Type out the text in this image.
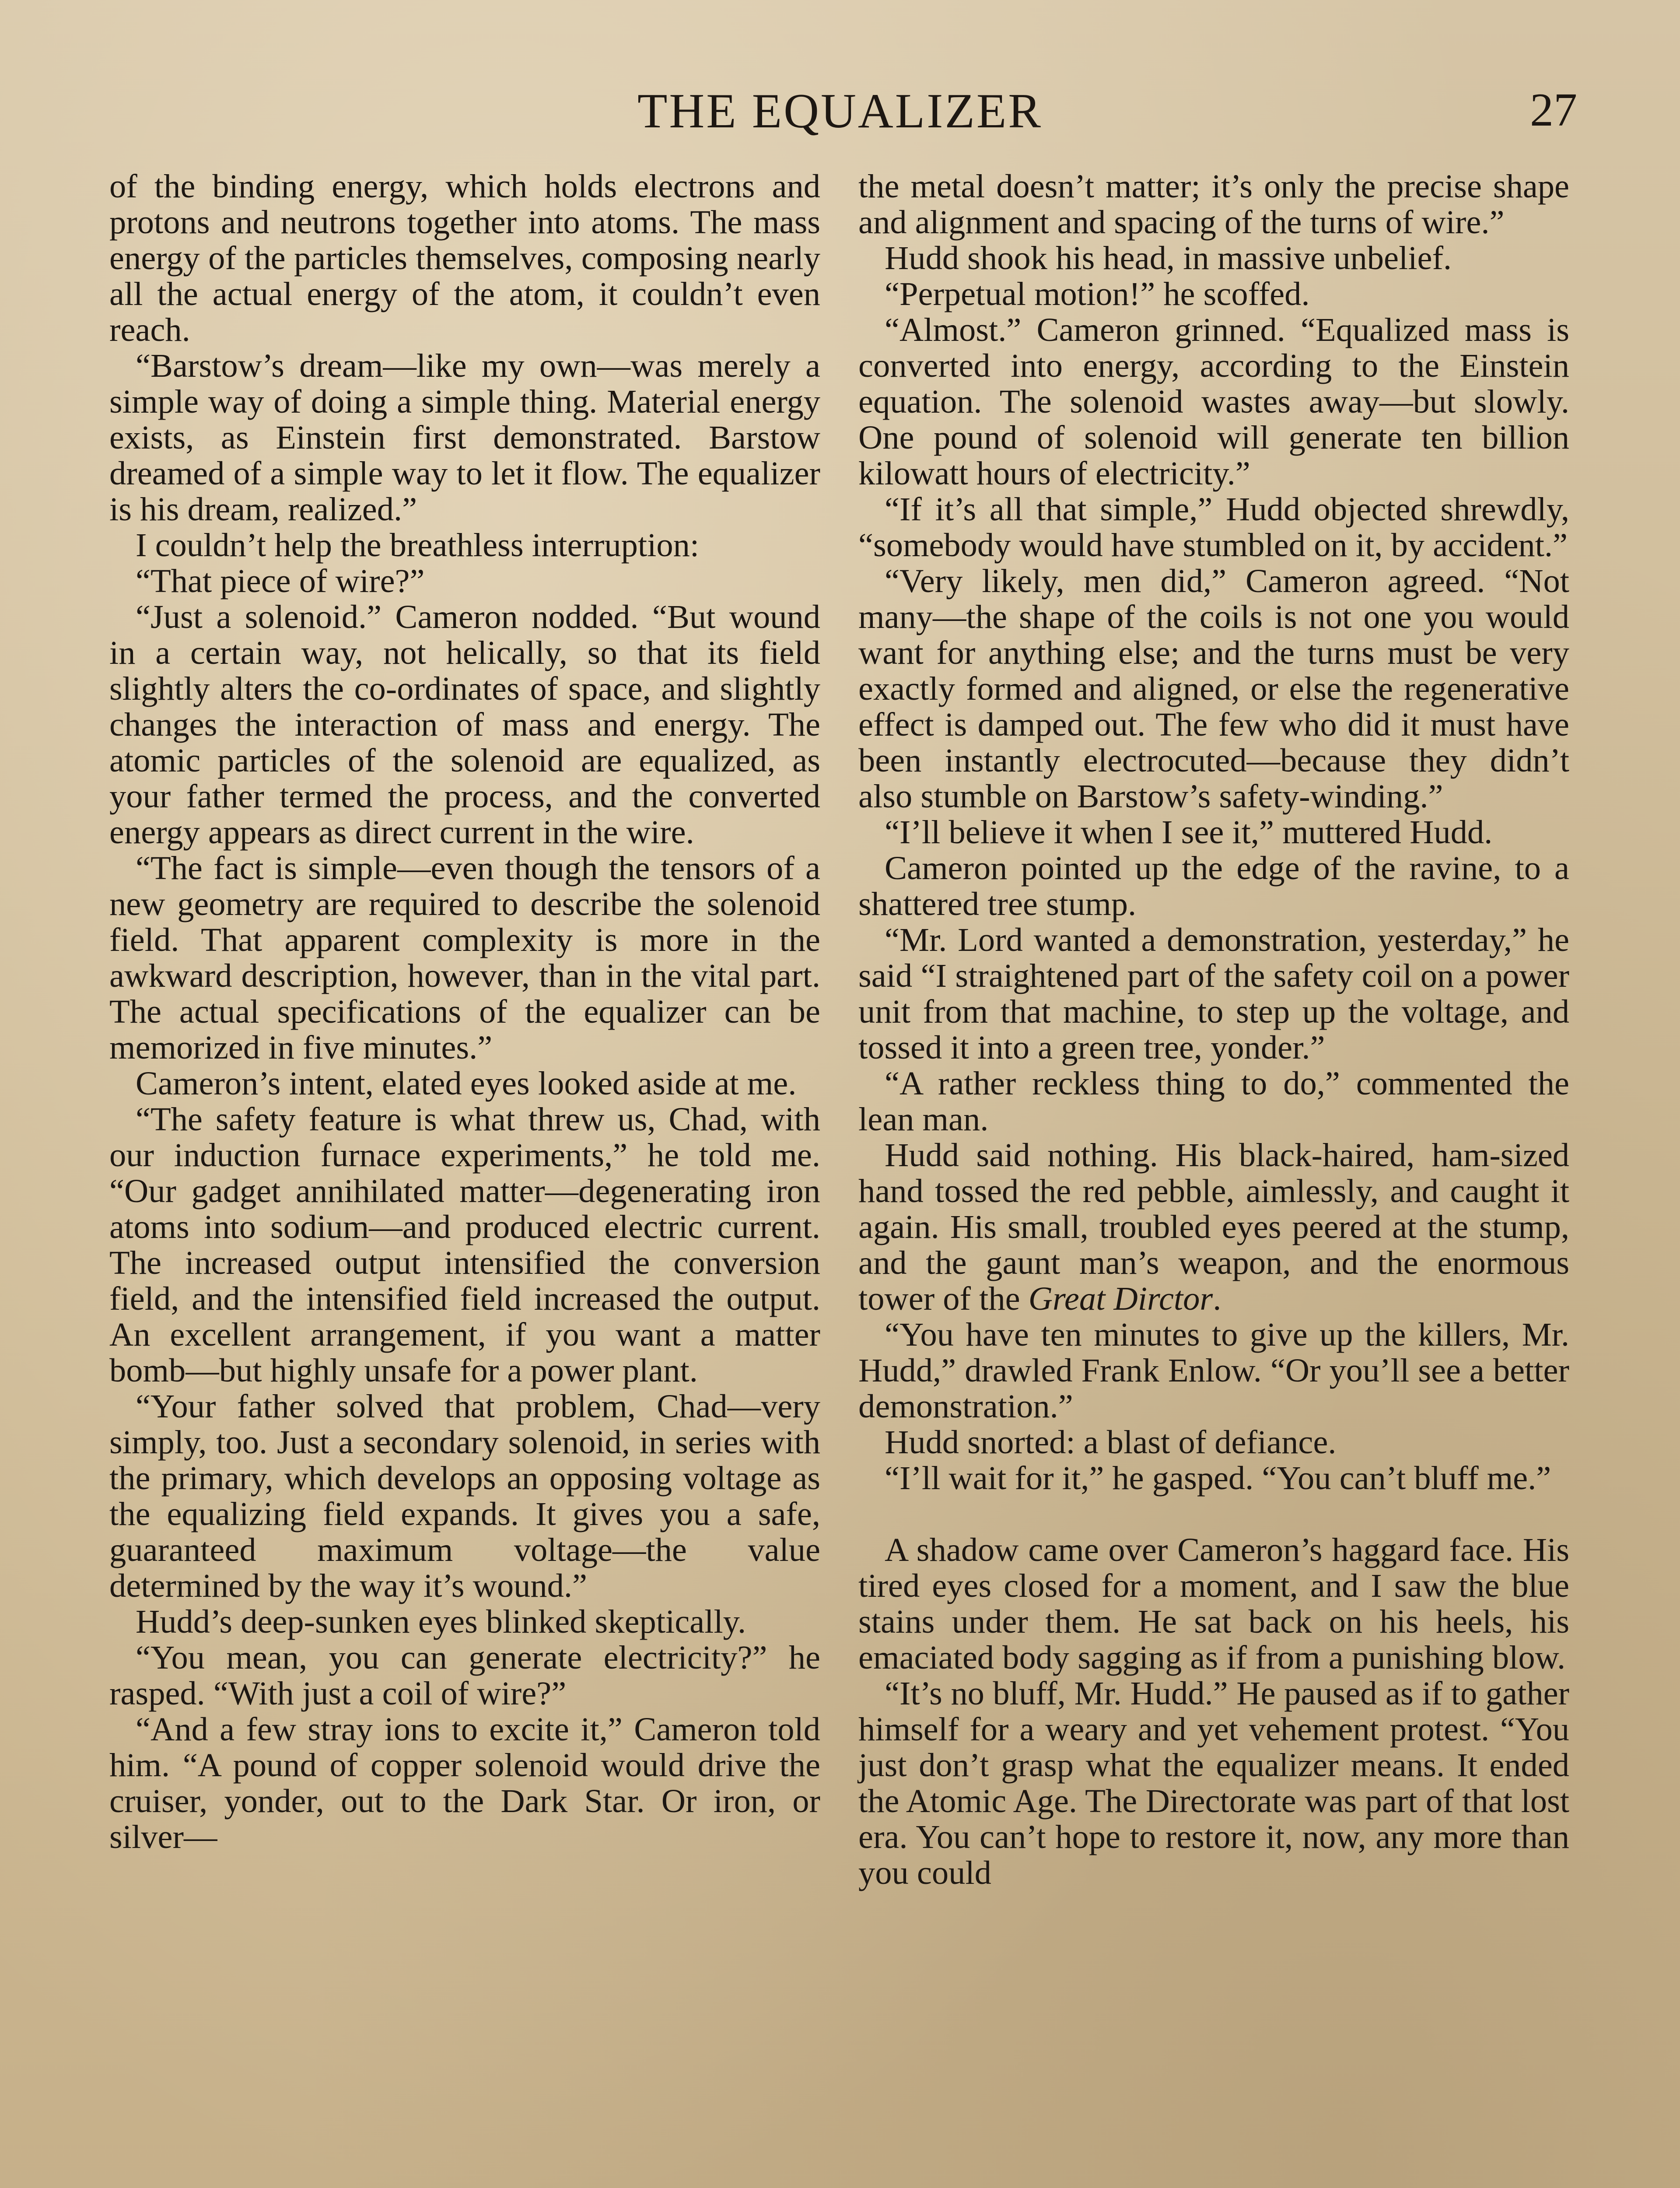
THE EQUALIZER	27

of the binding energy, which holds electrons and protons and neutrons together into atoms. The mass energy of the particles themselves, composing nearly all the actual energy of the atom, it couldn’t even reach.

“Barstow’s dream—like my own—was merely a simple way of doing a simple thing. Material energy exists, as Einstein first demonstrated. Barstow dreamed of a simple way to let it flow. The equalizer is his dream, realized.”

I couldn’t help the breathless interruption:

“That piece of wire?”

“Just a solenoid.” Cameron nodded. “But wound in a certain way, not helically, so that its field slightly alters the co-ordinates of space, and slightly changes the interaction of mass and energy. The atomic particles of the solenoid are equalized, as your father termed the process, and the converted energy appears as direct current in the wire.

“The fact is simple—even though the tensors of a new geometry are required to describe the solenoid field. That apparent complexity is more in the awkward description, however, than in the vital part. The actual specifications of the equalizer can be memorized in five minutes.”

Cameron’s intent, elated eyes looked aside at me.

“The safety feature is what threw us, Chad, with our induction furnace experiments,” he told me. “Our gadget annihilated matter—degenerating iron atoms into sodium—and produced electric current. The increased output intensified the conversion field, and the intensified field increased the output. An excellent arrangement, if you want a matter bomb—but highly unsafe for a power plant.

“Your father solved that problem, Chad—very simply, too. Just a secondary solenoid, in series with the primary, which develops an opposing voltage as the equalizing field expands. It gives you a safe, guaranteed maximum voltage—the value determined by the way it’s wound.”

Hudd’s deep-sunken eyes blinked skeptically.

“You mean, you can generate electricity?” he rasped. “With just a coil of wire?”

“And a few stray ions to excite it,” Cameron told him. “A pound of copper solenoid would drive the cruiser, yonder, out to the Dark Star. Or iron, or silver—

the metal doesn’t matter; it’s only the precise shape and alignment and spacing of the turns of wire.”

Hudd shook his head, in massive unbelief.

“Perpetual motion!” he scoffed.

“Almost.” Cameron grinned. “Equalized mass is converted into energy, according to the Einstein equation. The solenoid wastes away—but slowly. One pound of solenoid will generate ten billion kilowatt hours of electricity.”

“If it’s all that simple,” Hudd objected shrewdly, “somebody would have stumbled on it, by accident.”

“Very likely, men did,” Cameron agreed. “Not many—the shape of the coils is not one you would want for anything else; and the turns must be very exactly formed and aligned, or else the regenerative effect is damped out. The few who did it must have been instantly electrocuted—because they didn’t also stumble on Barstow’s safety-winding.”

“I’ll believe it when I see it,” muttered Hudd.

Cameron pointed up the edge of the ravine, to a shattered tree stump.

“Mr. Lord wanted a demonstration, yesterday,” he said “I straightened part of the safety coil on a power unit from that machine, to step up the voltage, and tossed it into a green tree, yonder.”

“A rather reckless thing to do,” commented the lean man.

Hudd said nothing. His black-haired, ham-sized hand tossed the red pebble, aimlessly, and caught it again. His small, troubled eyes peered at the stump, and the gaunt man’s weapon, and the enormous tower of the Great Dirctor.

“You have ten minutes to give up the killers, Mr. Hudd,” drawled Frank Enlow. “Or you’ll see a better demonstration.”

Hudd snorted: a blast of defiance.

“I’ll wait for it,” he gasped. “You can’t bluff me.”

A shadow came over Cameron’s haggard face. His tired eyes closed for a moment, and I saw the blue stains under them. He sat back on his heels, his emaciated body sagging as if from a punishing blow.

“It’s no bluff, Mr. Hudd.” He paused as if to gather himself for a weary and yet vehement protest. “You just don’t grasp what the equalizer means. It ended the Atomic Age. The Directorate was part of that lost era. You can’t hope to restore it, now, any more than you could
